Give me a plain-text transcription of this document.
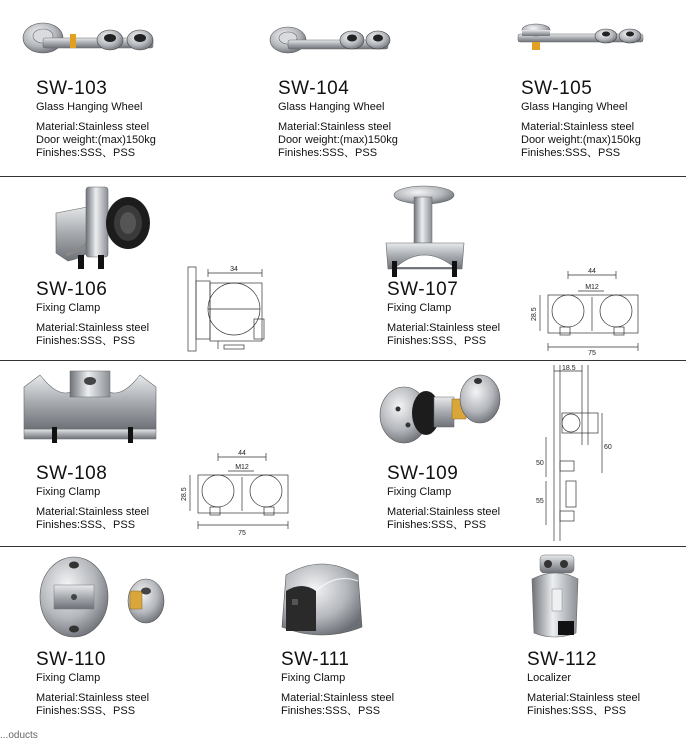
SW-103
Glass Hanging Wheel
Material:Stainless steel
Door weight:(max)150kg
Finishes:SSS、PSS
SW-104
Glass Hanging Wheel
Material:Stainless steel
Door weight:(max)150kg
Finishes:SSS、PSS
SW-105
Glass Hanging Wheel
Material:Stainless steel
Door weight:(max)150kg
Finishes:SSS、PSS
SW-106
Fixing Clamp
Material:Stainless steel
Finishes:SSS、PSS
34
SW-107
Fixing Clamp
Material:Stainless steel
Finishes:SSS、PSS
44
M12
28.5
75
SW-108
Fixing Clamp
Material:Stainless steel
Finishes:SSS、PSS
44
M12
28.5
75
SW-109
Fixing Clamp
Material:Stainless steel
Finishes:SSS、PSS
18.5
60
50
55
SW-110
Fixing Clamp
Material:Stainless steel
Finishes:SSS、PSS
SW-111
Fixing Clamp
Material:Stainless steel
Finishes:SSS、PSS
SW-112
Localizer
Material:Stainless steel
Finishes:SSS、PSS
...oducts
